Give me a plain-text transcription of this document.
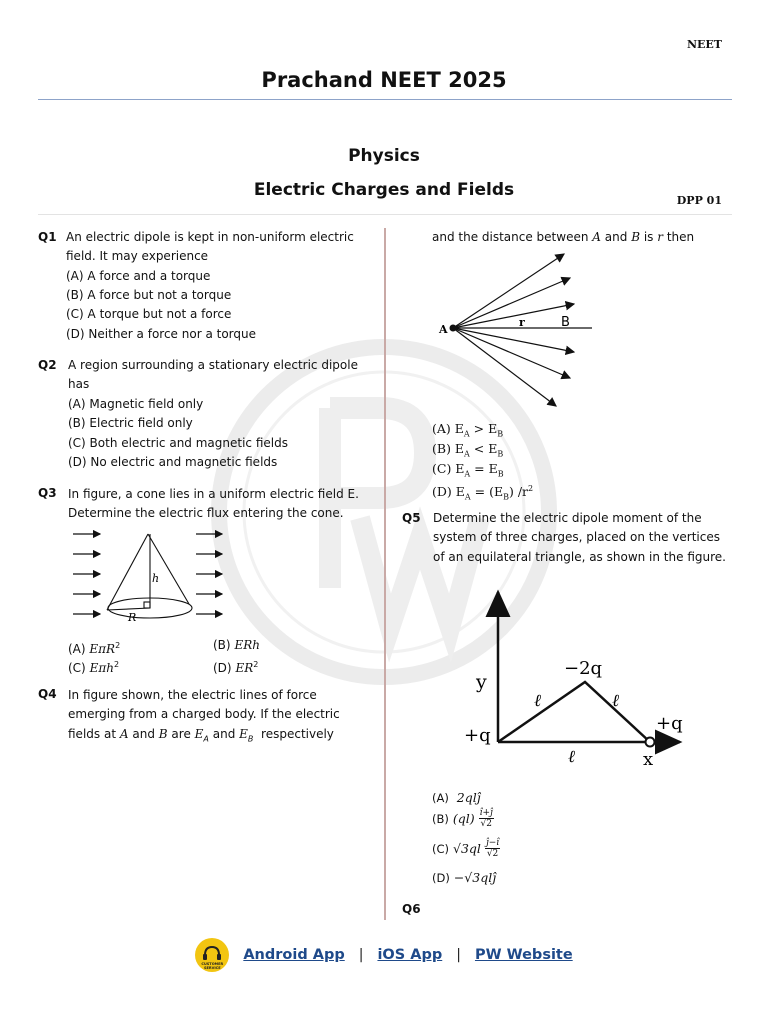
NEET
Prachand NEET 2025
Physics
Electric Charges and Fields
DPP 01
Q1 An electric dipole is kept in non-uniform electric
field. It may experience
(A) A force and a torque
(B) A force but not a torque
(C) A torque but not a force
(D) Neither a force nor a torque
Q2 A region surrounding a stationary electric dipole
has
(A) Magnetic field only
(B) Electric field only
(C) Both electric and magnetic fields
(D) No electric and magnetic fields
Q3 In figure, a cone lies in a uniform electric field E.
Determine the electric flux entering the cone.
h
R
(A) EπR$^2$	(B) ERh
(C) Eπh$^2$	(D) $ER^2$
Q4 In figure shown, the electric lines of force
emerging from a charged body. If the electric
fields at A and B are $E_A$ and $E_B$ respectively
and the distance between A and B is r then
A
r	B
(A) $E_A > E_B$
(B) $E_A < E_B$
(C) $E_A = E_B$
(D) $E_A = (E_B)$ $/r^2$
Q5 Determine the electric dipole moment of the
system of three charges, placed on the vertices
of an equilateral triangle, as shown in the figure.
y
x
−2q
+q
+q
ℓ	ℓ
ℓ
(A) 2qlĵ
(B) (ql) î+ĵ
√2
(C) √3ql ĵ−î
√2
(D) −√3qlĵ
Q6
CUSTOMER SERVICE
Android App | iOS App | PW Website
